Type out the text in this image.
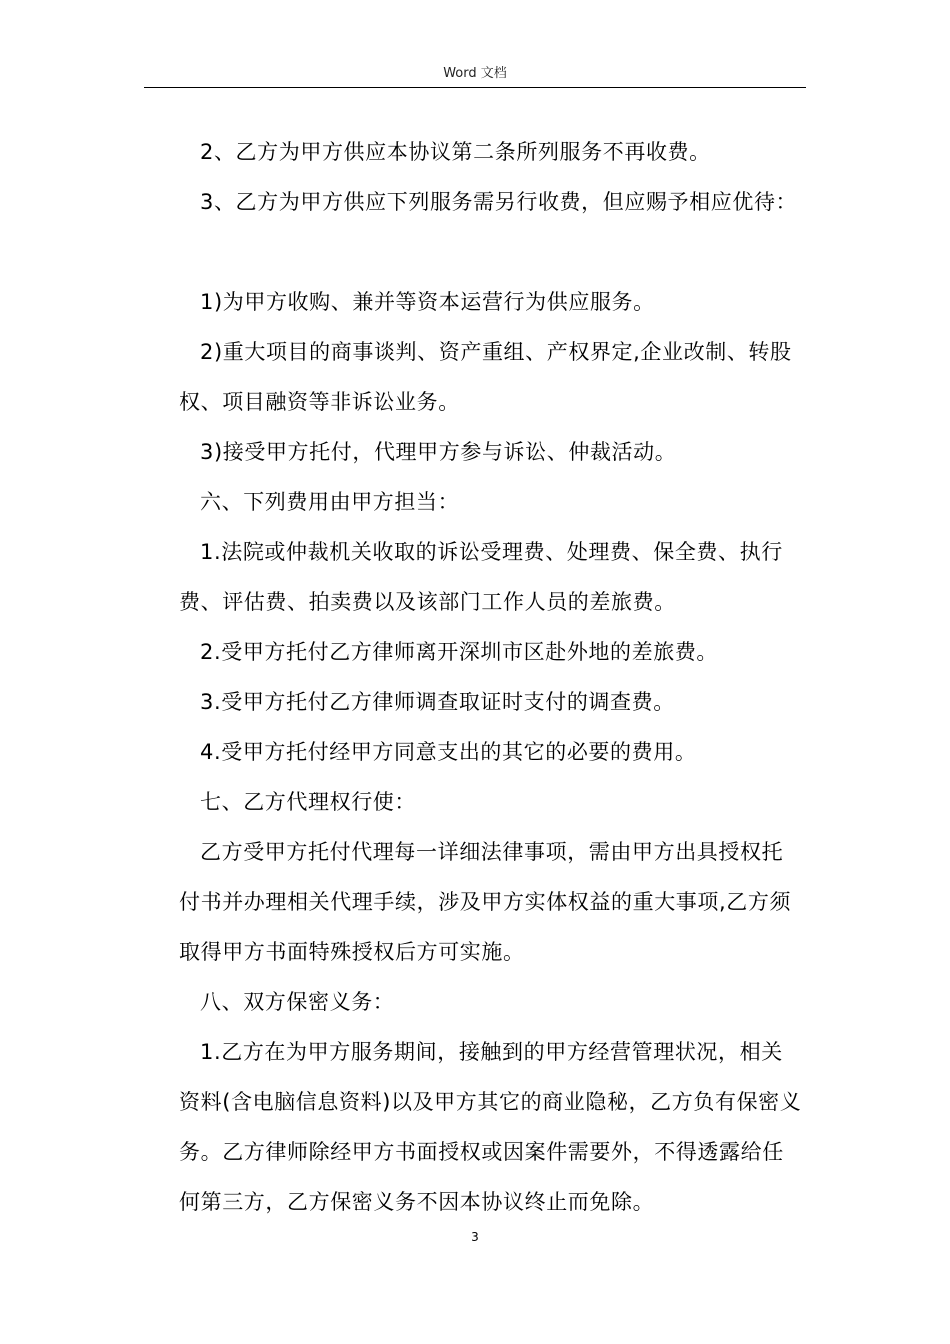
Word 文档

2、乙方为甲方供应本协议第二条所列服务不再收费。

3、乙方为甲方供应下列服务需另行收费，但应赐予相应优待：

1)为甲方收购、兼并等资本运营行为供应服务。

2)重大项目的商事谈判、资产重组、产权界定,企业改制、转股权、项目融资等非诉讼业务。

3)接受甲方托付，代理甲方参与诉讼、仲裁活动。

六、下列费用由甲方担当：

1.法院或仲裁机关收取的诉讼受理费、处理费、保全费、执行费、评估费、拍卖费以及该部门工作人员的差旅费。

2.受甲方托付乙方律师离开深圳市区赴外地的差旅费。

3.受甲方托付乙方律师调查取证时支付的调查费。

4.受甲方托付经甲方同意支出的其它的必要的费用。

七、乙方代理权行使：

乙方受甲方托付代理每一详细法律事项，需由甲方出具授权托付书并办理相关代理手续，涉及甲方实体权益的重大事项,乙方须取得甲方书面特殊授权后方可实施。

八、双方保密义务：

1.乙方在为甲方服务期间，接触到的甲方经营管理状况，相关资料(含电脑信息资料)以及甲方其它的商业隐秘，乙方负有保密义务。乙方律师除经甲方书面授权或因案件需要外，不得透露给任何第三方，乙方保密义务不因本协议终止而免除。

3
